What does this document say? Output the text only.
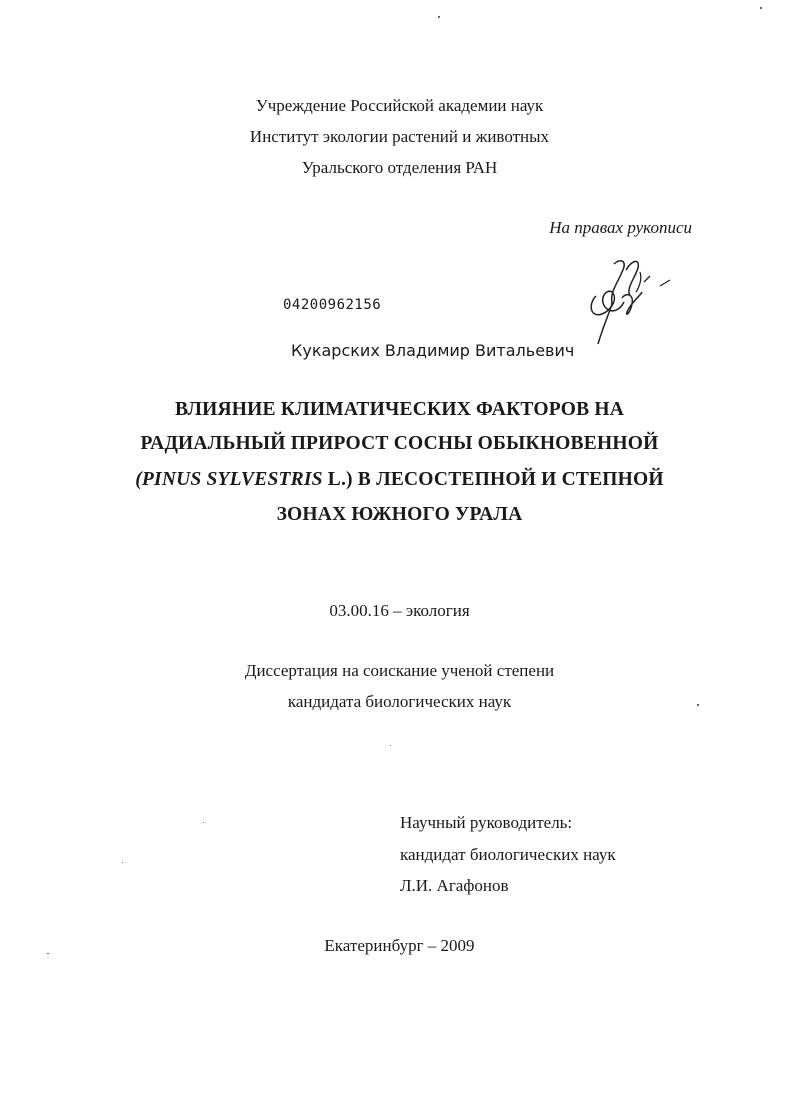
Учреждение Российской академии наук
Институт экологии растений и животных
Уральского отделения РАН
На правах рукописи
04200962156
Кукарских Владимир Витальевич
ВЛИЯНИЕ КЛИМАТИЧЕСКИХ ФАКТОРОВ НА
РАДИАЛЬНЫЙ ПРИРОСТ СОСНЫ ОБЫКНОВЕННОЙ
(PINUS SYLVESTRIS L.) В ЛЕСОСТЕПНОЙ И СТЕПНОЙ
ЗОНАХ ЮЖНОГО УРАЛА
03.00.16 – экология
Диссертация на соискание ученой степени
кандидата биологических наук
Научный руководитель:
кандидат биологических наук
Л.И. Агафонов
Екатеринбург – 2009
